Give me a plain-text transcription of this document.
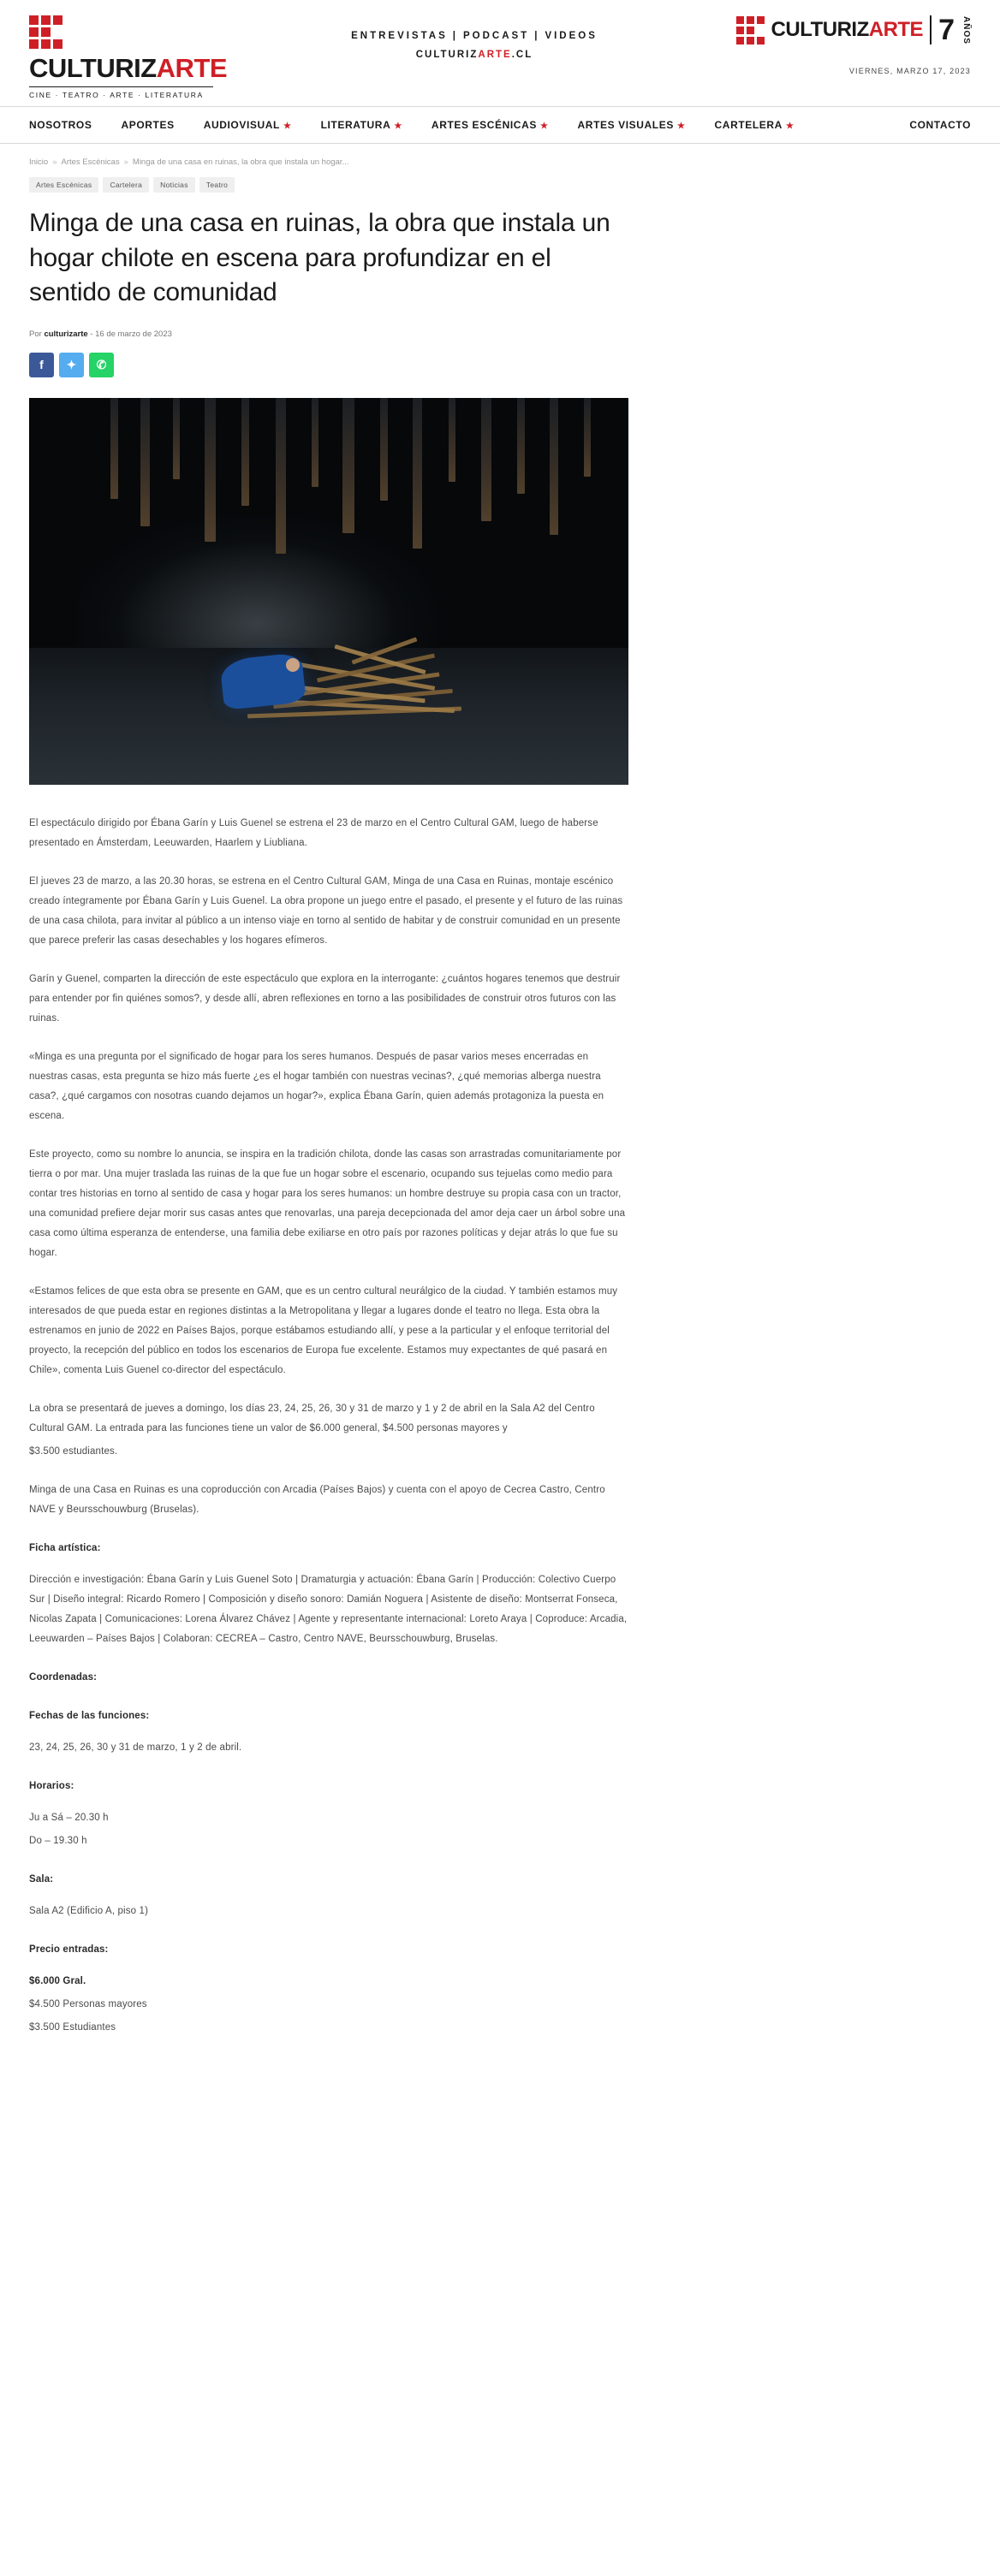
CULTURIZARTE
CINE · TEATRO · ARTE · LITERATURA
ENTREVISTAS | PODCAST | VIDEOS
CULTURIZARTE.CL
CULTURIZARTE 7 AÑOS
VIERNES, MARZO 17, 2023
NOSOTROS	APORTES	AUDIOVISUAL ★	LITERATURA ★	ARTES ESCÉNICAS ★	ARTES VISUALES ★	CARTELERA ★	CONTACTO
Inicio » Artes Escénicas » Minga de una casa en ruinas, la obra que instala un hogar...
Artes Escénicas	Cartelera	Noticias	Teatro
Minga de una casa en ruinas, la obra que instala un hogar chilote en escena para profundizar en el sentido de comunidad
Por culturizarte - 16 de marzo de 2023
f	✦	✆

El espectáculo dirigido por Ébana Garín y Luis Guenel se estrena el 23 de marzo en el Centro Cultural GAM, luego de haberse presentado en Ámsterdam, Leeuwarden, Haarlem y Liubliana.

El jueves 23 de marzo, a las 20.30 horas, se estrena en el Centro Cultural GAM, Minga de una Casa en Ruinas, montaje escénico creado íntegramente por Ébana Garín y Luis Guenel. La obra propone un juego entre el pasado, el presente y el futuro de las ruinas de una casa chilota, para invitar al público a un intenso viaje en torno al sentido de habitar y de construir comunidad en un presente que parece preferir las casas desechables y los hogares efímeros.

Garín y Guenel, comparten la dirección de este espectáculo que explora en la interrogante: ¿cuántos hogares tenemos que destruir para entender por fin quiénes somos?, y desde allí, abren reflexiones en torno a las posibilidades de construir otros futuros con las ruinas.

«Minga es una pregunta por el significado de hogar para los seres humanos. Después de pasar varios meses encerradas en nuestras casas, esta pregunta se hizo más fuerte ¿es el hogar también con nuestras vecinas?, ¿qué memorias alberga nuestra casa?, ¿qué cargamos con nosotras cuando dejamos un hogar?», explica Ébana Garín, quien además protagoniza la puesta en escena.

Este proyecto, como su nombre lo anuncia, se inspira en la tradición chilota, donde las casas son arrastradas comunitariamente por tierra o por mar. Una mujer traslada las ruinas de la que fue un hogar sobre el escenario, ocupando sus tejuelas como medio para contar tres historias en torno al sentido de casa y hogar para los seres humanos: un hombre destruye su propia casa con un tractor, una comunidad prefiere dejar morir sus casas antes que renovarlas, una pareja decepcionada del amor deja caer un árbol sobre una casa como última esperanza de entenderse, una familia debe exiliarse en otro país por razones políticas y dejar atrás lo que fue su hogar.

«Estamos felices de que esta obra se presente en GAM, que es un centro cultural neurálgico de la ciudad. Y también estamos muy interesados de que pueda estar en regiones distintas a la Metropolitana y llegar a lugares donde el teatro no llega. Esta obra la estrenamos en junio de 2022 en Países Bajos, porque estábamos estudiando allí, y pese a la particular y el enfoque territorial del proyecto, la recepción del público en todos los escenarios de Europa fue excelente. Estamos muy expectantes de qué pasará en Chile», comenta Luis Guenel co-director del espectáculo.

La obra se presentará de jueves a domingo, los días 23, 24, 25, 26, 30 y 31 de marzo y 1 y 2 de abril en la Sala A2 del Centro Cultural GAM. La entrada para las funciones tiene un valor de $6.000 general, $4.500 personas mayores y

$3.500 estudiantes.

Minga de una Casa en Ruinas es una coproducción con Arcadia (Países Bajos) y cuenta con el apoyo de Cecrea Castro, Centro NAVE y Beursschouwburg (Bruselas).

Ficha artística:

Dirección e investigación: Ébana Garín y Luis Guenel Soto | Dramaturgia y actuación: Ébana Garín | Producción: Colectivo Cuerpo Sur | Diseño integral: Ricardo Romero | Composición y diseño sonoro: Damián Noguera | Asistente de diseño: Montserrat Fonseca, Nicolas Zapata | Comunicaciones: Lorena Álvarez Chávez | Agente y representante internacional: Loreto Araya | Coproduce: Arcadia, Leeuwarden – Países Bajos | Colaboran: CECREA – Castro, Centro NAVE, Beursschouwburg, Bruselas.

Coordenadas:

Fechas de las funciones:

23, 24, 25, 26, 30 y 31 de marzo, 1 y 2 de abril.

Horarios:

Ju a Sá – 20.30 h

Do – 19.30 h

Sala:

Sala A2 (Edificio A, piso 1)

Precio entradas:

$6.000 Gral.

$4.500 Personas mayores

$3.500 Estudiantes
